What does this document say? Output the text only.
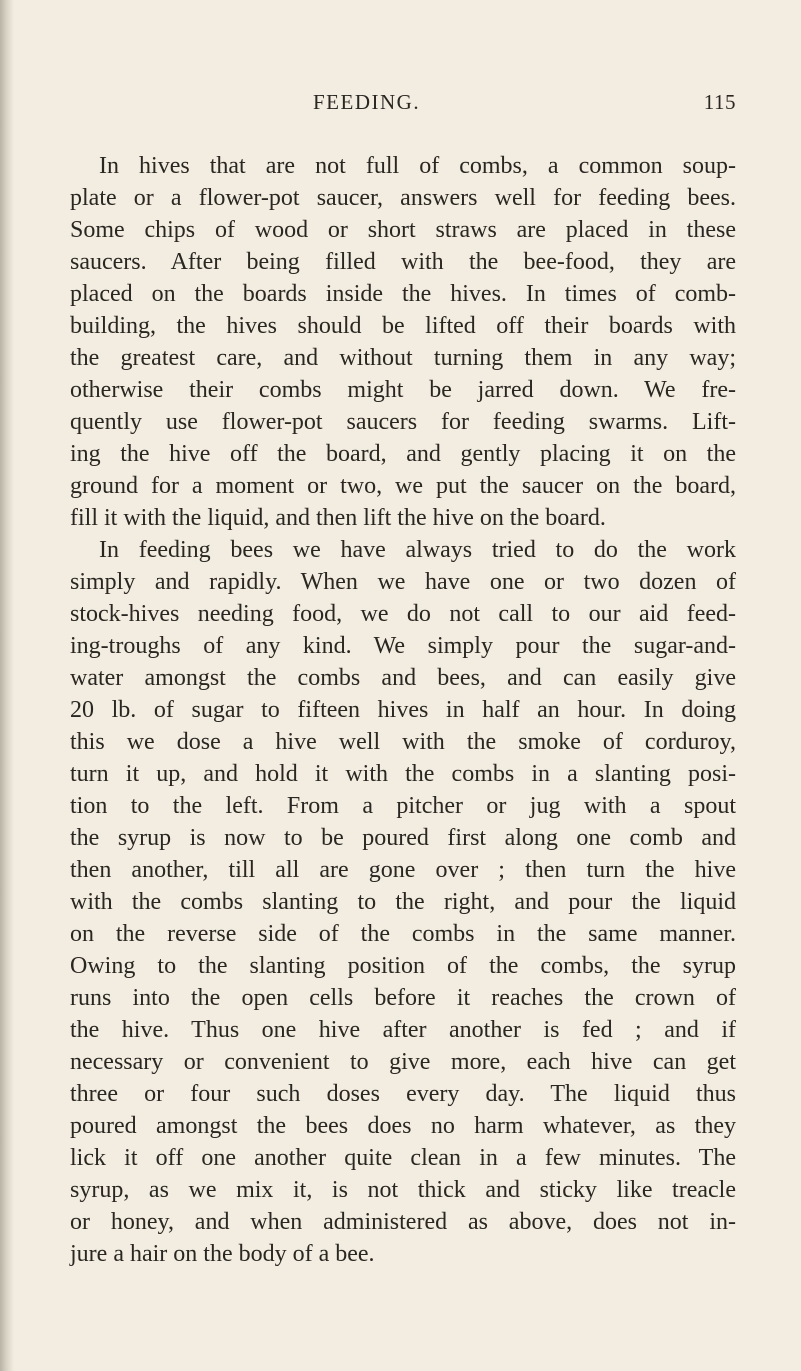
FEEDING.	115
In hives that are not full of combs, a common soup-
plate or a flower-pot saucer, answers well for feeding bees.
Some chips of wood or short straws are placed in these
saucers. After being filled with the bee-food, they are
placed on the boards inside the hives. In times of comb-
building, the hives should be lifted off their boards with
the greatest care, and without turning them in any way;
otherwise their combs might be jarred down. We fre-
quently use flower-pot saucers for feeding swarms. Lift-
ing the hive off the board, and gently placing it on the
ground for a moment or two, we put the saucer on the board,
fill it with the liquid, and then lift the hive on the board.
In feeding bees we have always tried to do the work
simply and rapidly. When we have one or two dozen of
stock-hives needing food, we do not call to our aid feed-
ing-troughs of any kind. We simply pour the sugar-and-
water amongst the combs and bees, and can easily give
20 lb. of sugar to fifteen hives in half an hour. In doing
this we dose a hive well with the smoke of corduroy,
turn it up, and hold it with the combs in a slanting posi-
tion to the left. From a pitcher or jug with a spout
the syrup is now to be poured first along one comb and
then another, till all are gone over ; then turn the hive
with the combs slanting to the right, and pour the liquid
on the reverse side of the combs in the same manner.
Owing to the slanting position of the combs, the syrup
runs into the open cells before it reaches the crown of
the hive. Thus one hive after another is fed ; and if
necessary or convenient to give more, each hive can get
three or four such doses every day. The liquid thus
poured amongst the bees does no harm whatever, as they
lick it off one another quite clean in a few minutes. The
syrup, as we mix it, is not thick and sticky like treacle
or honey, and when administered as above, does not in-
jure a hair on the body of a bee.
